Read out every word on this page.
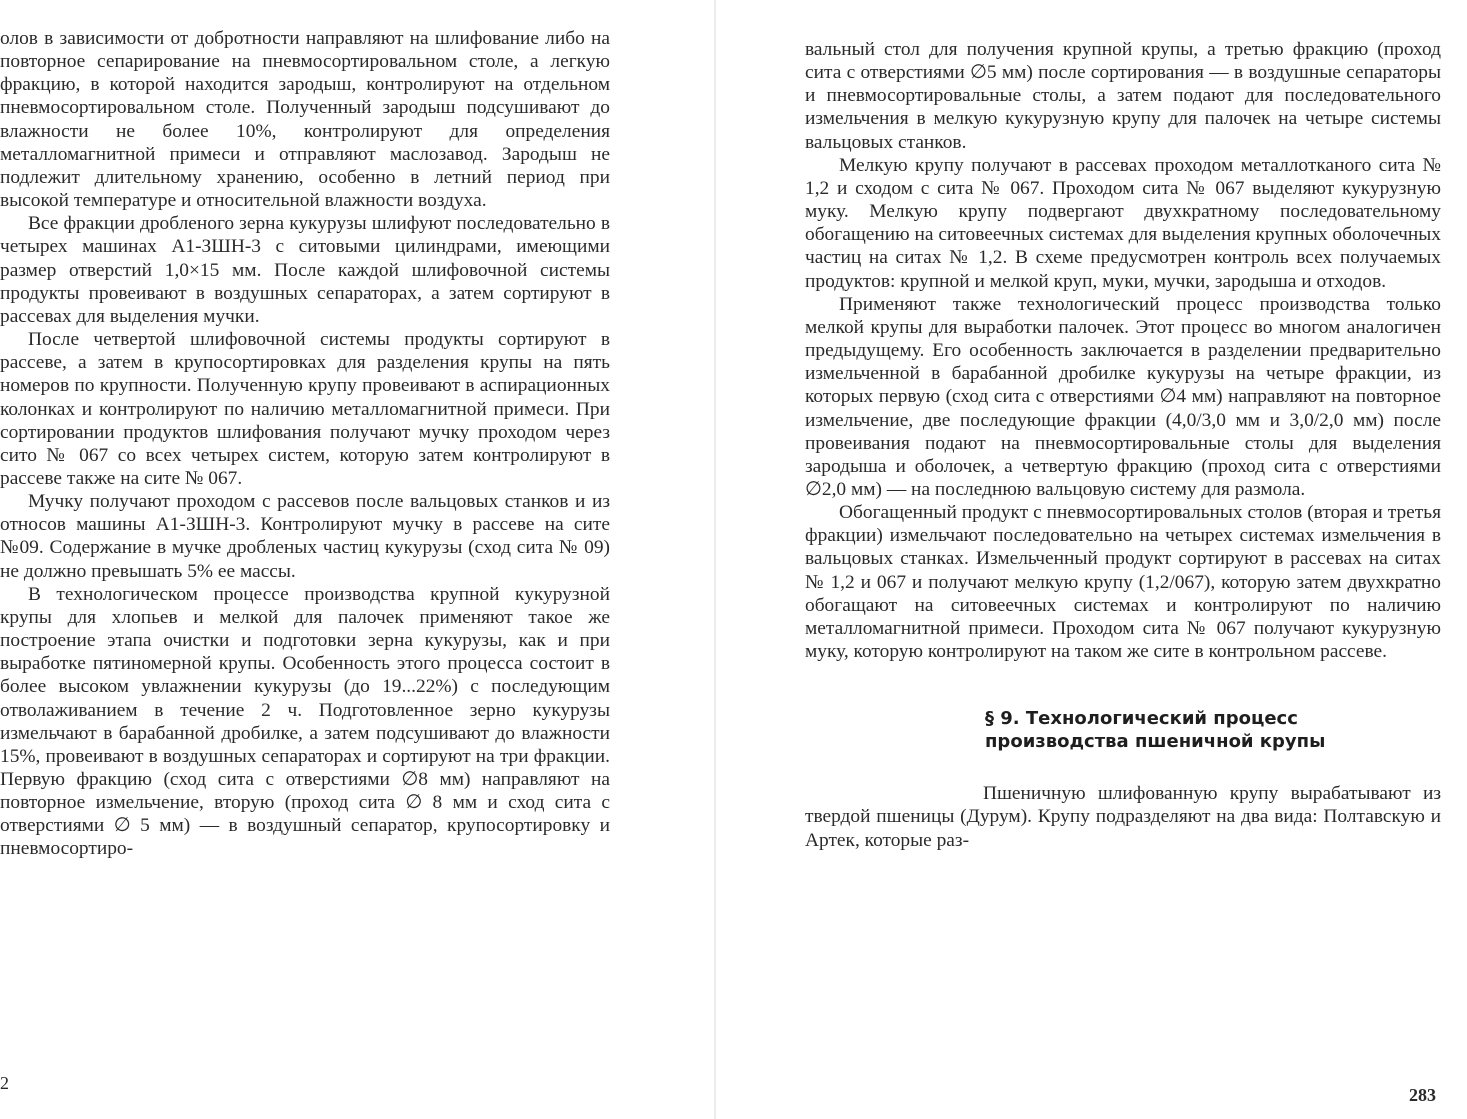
олов в зависимости от добротности направляют на шлифование либо на повторное сепарирование на пневмосортировальном столе, а легкую фракцию, в которой находится зародыш, контролируют на отдельном пневмосортировальном столе. Полученный зародыш подсушивают до влажности не более 10%, контролируют для определения металломагнитной примеси и отправляют маслозавод. Зародыш не подлежит длительному хранению, особенно в летний период при высокой температуре и относительной влажности воздуха.

Все фракции дробленого зерна кукурузы шлифуют последовательно в четырех машинах А1-ЗШН-3 с ситовыми цилиндрами, имеющими размер отверстий 1,0×15 мм. После каждой шлифовочной системы продукты провеивают в воздушных сепараторах, а затем сортируют в рассевах для выделения мучки.

После четвертой шлифовочной системы продукты сортируют в рассеве, а затем в крупосортировках для разделения крупы на пять номеров по крупности. Полученную крупу провеивают в аспирационных колонках и контролируют по наличию металломагнитной примеси. При сортировании продуктов шлифования получают мучку проходом через сито № 067 со всех четырех систем, которую затем контролируют в рассеве также на сите № 067.

Мучку получают проходом с рассевов после вальцовых станков и из относов машины А1-ЗШН-3. Контролируют мучку в рассеве на сите №09. Содержание в мучке дробленых частиц кукурузы (сход сита № 09) не должно превышать 5% ее массы.

В технологическом процессе производства крупной кукурузной крупы для хлопьев и мелкой для палочек применяют такое же построение этапа очистки и подготовки зерна кукурузы, как и при выработке пятиномерной крупы. Особенность этого процесса состоит в более высоком увлажнении кукурузы (до 19...22%) с последующим отволаживанием в течение 2 ч. Подготовленное зерно кукурузы измельчают в барабанной дробилке, а затем подсушивают до влажности 15%, провеивают в воздушных сепараторах и сортируют на три фракции. Первую фракцию (сход сита с отверстиями ∅8 мм) направляют на повторное измельчение, вторую (проход сита ∅ 8 мм и сход сита с отверстиями ∅ 5 мм) — в воздушный сепаратор, крупосортировку и пневмосортиро-

2

вальный стол для получения крупной крупы, а третью фракцию (проход сита с отверстиями ∅5 мм) после сортирования — в воздушные сепараторы и пневмосортировальные столы, а затем подают для последовательного измельчения в мелкую кукурузную крупу для палочек на четыре системы вальцовых станков.

Мелкую крупу получают в рассевах проходом металлотканого сита № 1,2 и сходом с сита № 067. Проходом сита № 067 выделяют кукурузную муку. Мелкую крупу подвергают двухкратному последовательному обогащению на ситовеечных системах для выделения крупных оболочечных частиц на ситах № 1,2. В схеме предусмотрен контроль всех получаемых продуктов: крупной и мелкой круп, муки, мучки, зародыша и отходов.

Применяют также технологический процесс производства только мелкой крупы для выработки палочек. Этот процесс во многом аналогичен предыдущему. Его особенность заключается в разделении предварительно измельченной в барабанной дробилке кукурузы на четыре фракции, из которых первую (сход сита с отверстиями ∅4 мм) направляют на повторное измельчение, две последующие фракции (4,0/3,0 мм и 3,0/2,0 мм) после провеивания подают на пневмосортировальные столы для выделения зародыша и оболочек, а четвертую фракцию (проход сита с отверстиями ∅2,0 мм) — на последнюю вальцовую систему для размола.

Обогащенный продукт с пневмосортировальных столов (вторая и третья фракции) измельчают последовательно на четырех системах измельчения в вальцовых станках. Измельченный продукт сортируют в рассевах на ситах № 1,2 и 067 и получают мелкую крупу (1,2/067), которую затем двухкратно обогащают на ситовеечных системах и контролируют по наличию металломагнитной примеси. Проходом сита № 067 получают кукурузную муку, которую контролируют на таком же сите в контрольном рассеве.

§ 9. Технологический процесс
производства пшеничной крупы

Пшеничную шлифованную крупу вырабатывают из твердой пшеницы (Дурум). Крупу подразделяют на два вида: Полтавскую и Артек, которые раз-

283
